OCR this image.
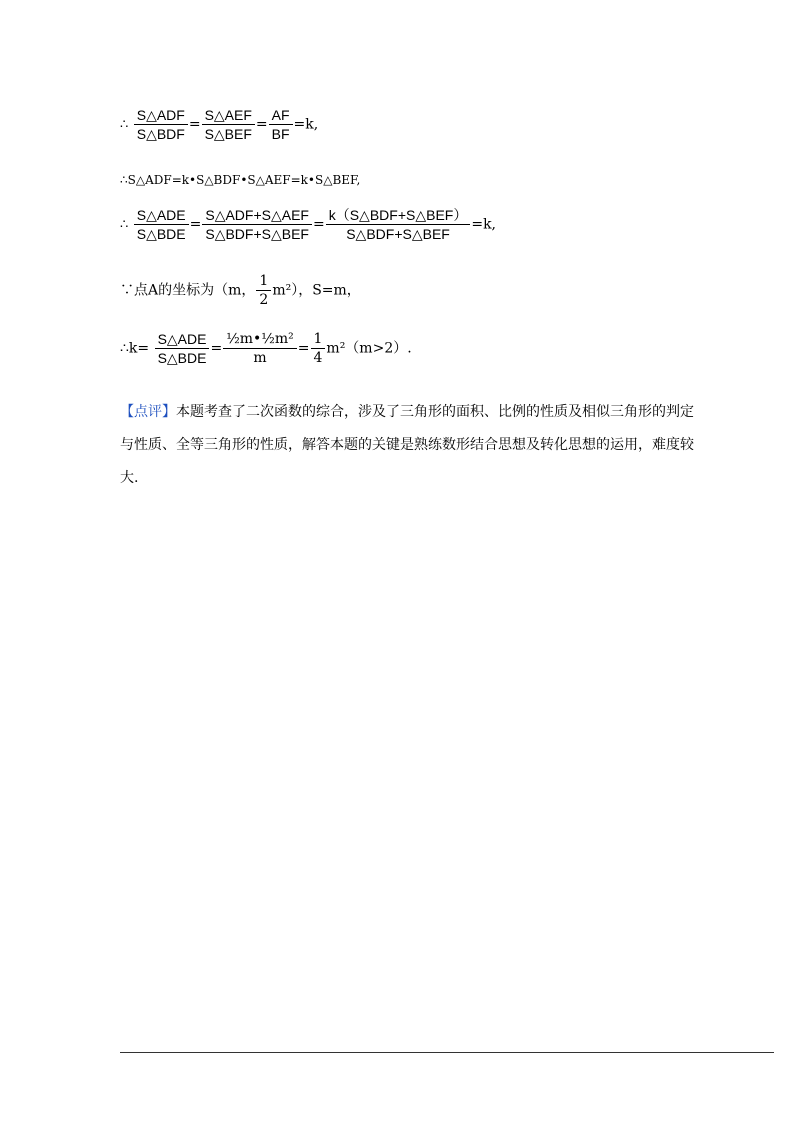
∴ $\frac{\text{S△ADF}}{\text{S△BDF}} = \frac{\text{S△AEF}}{\text{S△BEF}} = \frac{AF}{BF} =k$,
∴S△ADF=k•S△BDF•S△AEF=k•S△BEF,
∴ $\frac{\text{S△ADE}}{\text{S△BDE}} = \frac{\text{S△ADF+S△AEF}}{\text{S△BDF+S△BEF}} = \frac{\text{k（S△BDF+S△BEF）}}{\text{S△BDF+S△BEF}} =k$,
∵点A的坐标为（m， $\frac{1}{2} m^2$），S=m，
∴k= $\frac{\text{S△ADE}}{\text{S△BDE}} = \frac{\text{½m•½m²}}{m} = \frac{1}{4} m^2(m>2)$.
【点评】本题考查了二次函数的综合，涉及了三角形的面积、比例的性质及相似三角形的判定与性质、全等三角形的性质，解答本题的关键是熟练数形结合思想及转化思想的运用，难度较大.
